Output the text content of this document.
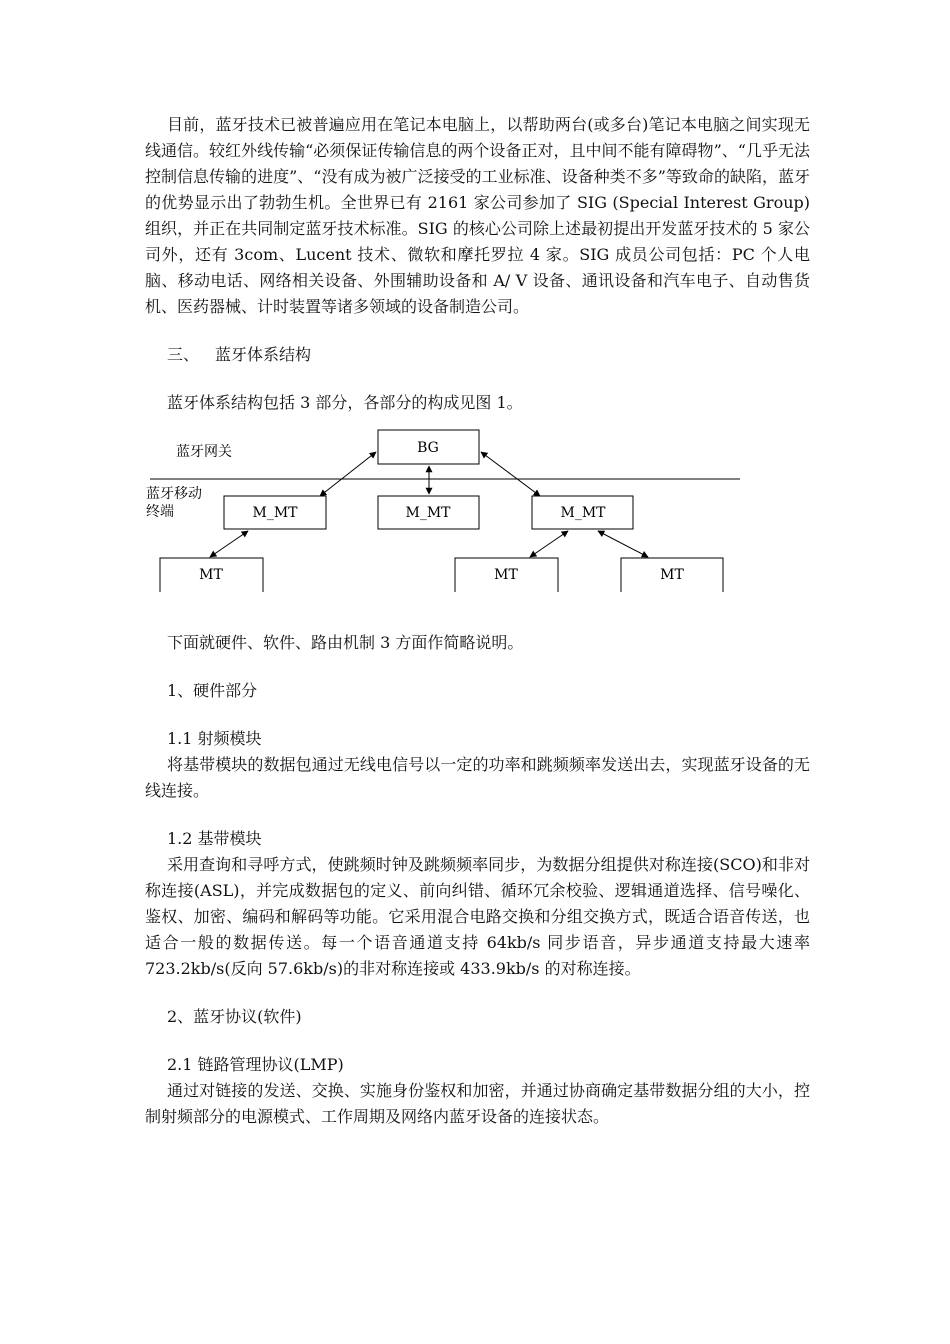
目前，蓝牙技术已被普遍应用在笔记本电脑上，以帮助两台(或多台)笔记本电脑之间实现无线通信。较红外线传输“必须保证传输信息的两个设备正对，且中间不能有障碍物”、“几乎无法控制信息传输的进度”、“没有成为被广泛接受的工业标准、设备种类不多”等致命的缺陷，蓝牙的优势显示出了勃勃生机。全世界已有 2161 家公司参加了 SIG (Special Interest Group)组织，并正在共同制定蓝牙技术标准。SIG 的核心公司除上述最初提出开发蓝牙技术的 5 家公司外，还有 3com、Lucent 技术、微软和摩托罗拉 4 家。SIG 成员公司包括：PC 个人电脑、移动电话、网络相关设备、外围辅助设备和 A/ V 设备、通讯设备和汽车电子、自动售货机、医药器械、计时装置等诸多领域的设备制造公司。

三、 蓝牙体系结构

蓝牙体系结构包括 3 部分，各部分的构成见图 1。

蓝牙网关
蓝牙移动
终端
BG
M_MT	M_MT	M_MT
MT	MT	MT

下面就硬件、软件、路由机制 3 方面作简略说明。

1、硬件部分

1.1 射频模块

将基带模块的数据包通过无线电信号以一定的功率和跳频频率发送出去，实现蓝牙设备的无线连接。

1.2 基带模块

采用查询和寻呼方式，使跳频时钟及跳频频率同步，为数据分组提供对称连接(SCO)和非对称连接(ASL)，并完成数据包的定义、前向纠错、循环冗余校验、逻辑通道选择、信号噪化、鉴权、加密、编码和解码等功能。它采用混合电路交换和分组交换方式，既适合语音传送，也适合一般的数据传送。每一个语音通道支持 64kb/s 同步语音，异步通道支持最大速率 723.2kb/s(反向 57.6kb/s)的非对称连接或 433.9kb/s 的对称连接。

2、蓝牙协议(软件)

2.1 链路管理协议(LMP)

通过对链接的发送、交换、实施身份鉴权和加密，并通过协商确定基带数据分组的大小，控制射频部分的电源模式、工作周期及网络内蓝牙设备的连接状态。
